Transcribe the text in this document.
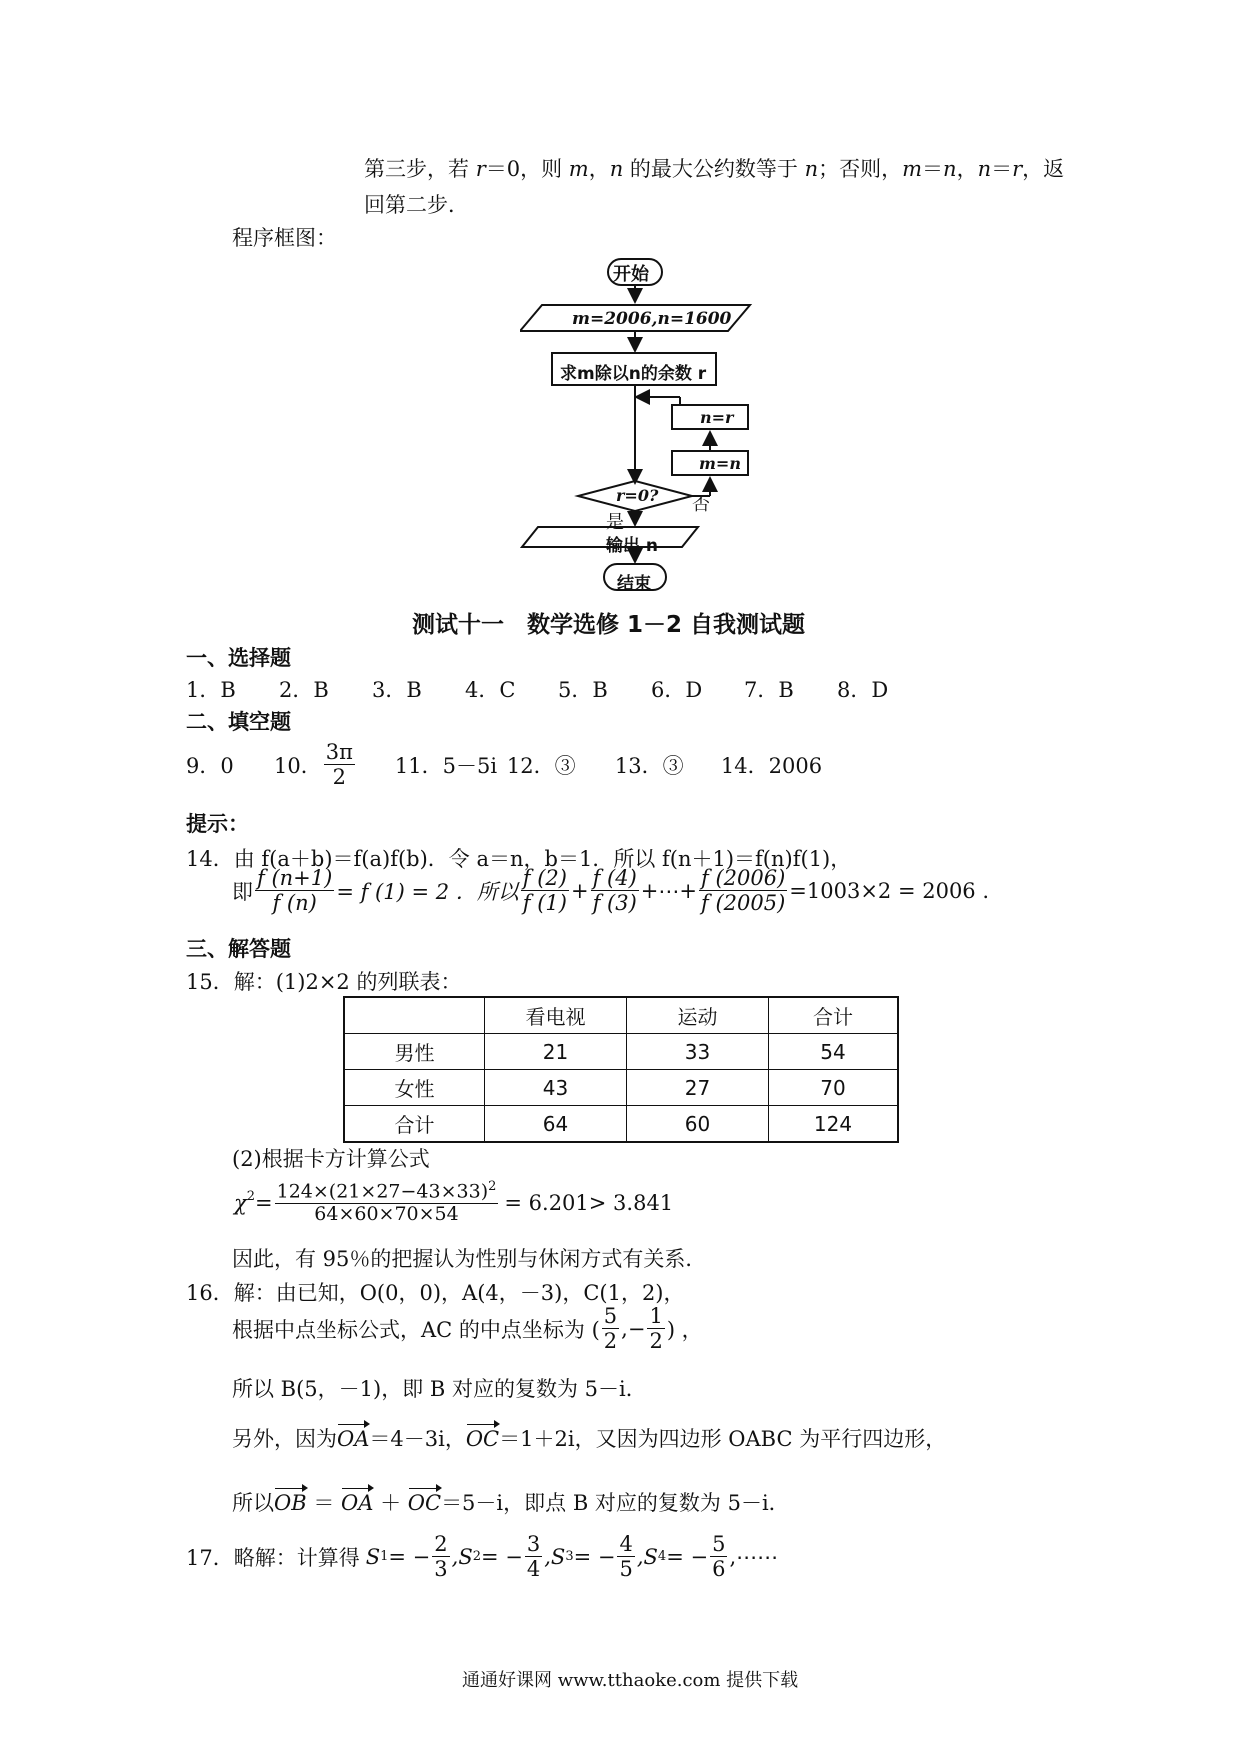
第三步，若 r＝0，则 m，n 的最大公约数等于 n；否则，m＝n，n＝r，返
回第二步．
程序框图：
开始
m=2006,n=1600
求m除以n的余数 r
n=r
m=n
r=0? 否
是
输出 n
结束
测试十一　数学选修 1－2 自我测试题
一、选择题
1．B 2．B 3．B 4．C 5．B 6．D 7．B 8．D
二、填空题
9．0	10． $\frac{3\pi}{2} 11$．5－5i 12．③	13．③	14．2006
提示：
14．由 f(a＋b)＝f(a)f(b)．令 a＝n，b＝1．所以 f(n＋1)＝f(n)f(1)，
即 $\frac{f (n+1)}{f (n)} = f$ (1) = 2 ．所以 $\frac{f (2)}{f (1)} + \frac{f (4)}{f (3)}$ +⋯+ $\frac{f (2006)}{f (2005)} =1003\times 2 = 2006$ .
三、解答题
15．解：(1)2×2 的列联表：
	看电视	运动	合计
男性	21	33	54
女性	43	27	70
合计	64	60	124
(2)根据卡方计算公式
$\chi^2 = \frac{124\times(21\times 27-43\times 33)^2}{64\times 60\times 70\times 54} = 6.201> 3.841$
因此，有 95％的把握认为性别与休闲方式有关系．
16．解：由已知，O(0，0)，A(4，－3)，C(1，2)，
根据中点坐标公式，AC 的中点坐标为 ( $\frac{5}{2}$ ,− $\frac{1}{2}$ ) ，
所以 B(5，－1)，即 B 对应的复数为 5－i．
另外，因为OA＝4－3i，OC＝1＋2i，又因为四边形 OABC 为平行四边形，
所以OB ＝ OA ＋ OC＝5－i，即点 B 对应的复数为 5－i．
17．略解：计算得 S 1 = − $\frac{2}{3} ,S$ 2 = − $\frac{3}{4} ,S$ 3 = − $\frac{4}{5} ,S$ 4 = − $\frac{5}{6}$ ,⋯⋯
通通好课网 www.tthaoke.com 提供下载
